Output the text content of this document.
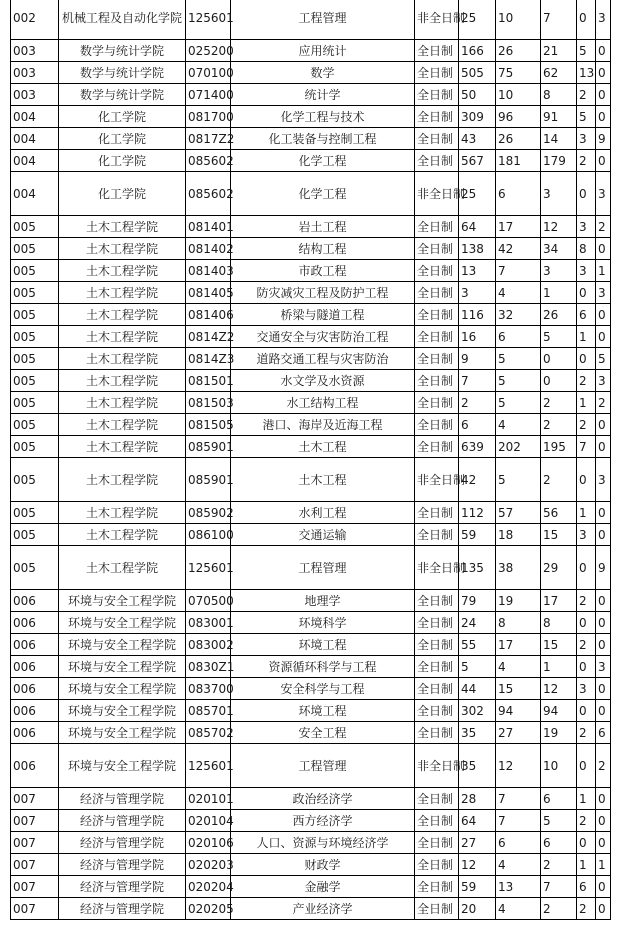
002	机械工程及自动化学院	125601	工程管理	非全日制	25	10	7	0	3
003	数学与统计学院	025200	应用统计	全日制	166	26	21	5	0
003	数学与统计学院	070100	数学	全日制	505	75	62	13	0
003	数学与统计学院	071400	统计学	全日制	50	10	8	2	0
004	化工学院	081700	化学工程与技术	全日制	309	96	91	5	0
004	化工学院	0817Z2	化工装备与控制工程	全日制	43	26	14	3	9
004	化工学院	085602	化学工程	全日制	567	181	179	2	0
004	化工学院	085602	化学工程	非全日制	25	6	3	0	3
005	土木工程学院	081401	岩土工程	全日制	64	17	12	3	2
005	土木工程学院	081402	结构工程	全日制	138	42	34	8	0
005	土木工程学院	081403	市政工程	全日制	13	7	3	3	1
005	土木工程学院	081405	防灾减灾工程及防护工程	全日制	3	4	1	0	3
005	土木工程学院	081406	桥梁与隧道工程	全日制	116	32	26	6	0
005	土木工程学院	0814Z2	交通安全与灾害防治工程	全日制	16	6	5	1	0
005	土木工程学院	0814Z3	道路交通工程与灾害防治	全日制	9	5	0	0	5
005	土木工程学院	081501	水文学及水资源	全日制	7	5	0	2	3
005	土木工程学院	081503	水工结构工程	全日制	2	5	2	1	2
005	土木工程学院	081505	港口、海岸及近海工程	全日制	6	4	2	2	0
005	土木工程学院	085901	土木工程	全日制	639	202	195	7	0
005	土木工程学院	085901	土木工程	非全日制	42	5	2	0	3
005	土木工程学院	085902	水利工程	全日制	112	57	56	1	0
005	土木工程学院	086100	交通运输	全日制	59	18	15	3	0
005	土木工程学院	125601	工程管理	非全日制	135	38	29	0	9
006	环境与安全工程学院	070500	地理学	全日制	79	19	17	2	0
006	环境与安全工程学院	083001	环境科学	全日制	24	8	8	0	0
006	环境与安全工程学院	083002	环境工程	全日制	55	17	15	2	0
006	环境与安全工程学院	0830Z1	资源循环科学与工程	全日制	5	4	1	0	3
006	环境与安全工程学院	083700	安全科学与工程	全日制	44	15	12	3	0
006	环境与安全工程学院	085701	环境工程	全日制	302	94	94	0	0
006	环境与安全工程学院	085702	安全工程	全日制	35	27	19	2	6
006	环境与安全工程学院	125601	工程管理	非全日制	35	12	10	0	2
007	经济与管理学院	020101	政治经济学	全日制	28	7	6	1	0
007	经济与管理学院	020104	西方经济学	全日制	64	7	5	2	0
007	经济与管理学院	020106	人口、资源与环境经济学	全日制	27	6	6	0	0
007	经济与管理学院	020203	财政学	全日制	12	4	2	1	1
007	经济与管理学院	020204	金融学	全日制	59	13	7	6	0
007	经济与管理学院	020205	产业经济学	全日制	20	4	2	2	0
